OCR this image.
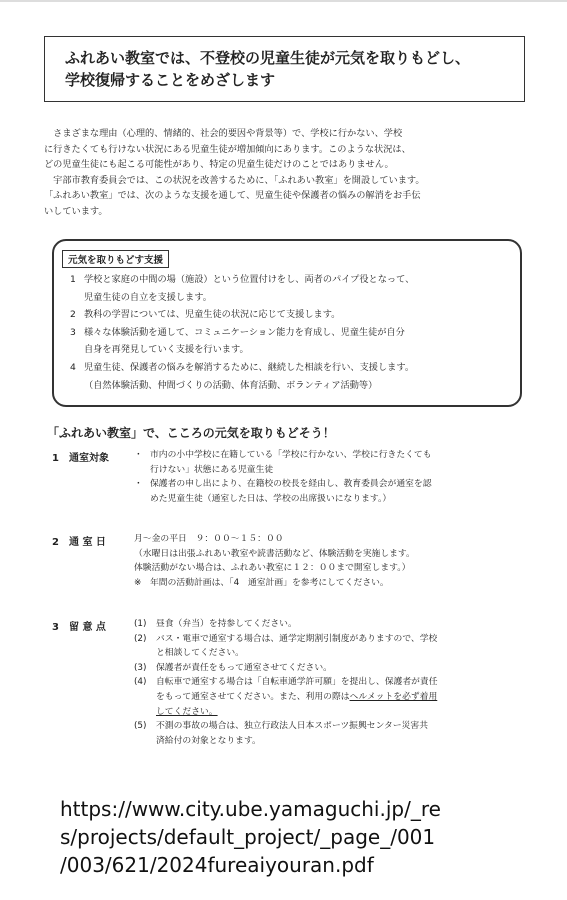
ふれあい教室では、不登校の児童生徒が元気を取りもどし、
学校復帰することをめざします

　さまざまな理由（心理的、情緒的、社会的要因や背景等）で、学校に行かない、学校

に行きたくても行けない状況にある児童生徒が増加傾向にあります。このような状況は、

どの児童生徒にも起こる可能性があり、特定の児童生徒だけのことではありません。

　宇部市教育委員会では、この状況を改善するために、「ふれあい教室」を開設しています。

「ふれあい教室」では、次のような支援を通して、児童生徒や保護者の悩みの解消をお手伝

いしています。

元気を取りもどす支援
1 学校と家庭の中間の場（施設）という位置付けをし、両者のパイプ役となって、
児童生徒の自立を支援します。
2 教科の学習については、児童生徒の状況に応じて支援します。
3 様々な体験活動を通して、コミュニケーション能力を育成し、児童生徒が自分
自身を再発見していく支援を行います。
4 児童生徒、保護者の悩みを解消するために、継続した相談を行い、支援します。
（自然体験活動、仲間づくりの活動、体育活動、ボランティア活動等）
「ふれあい教室」で、こころの元気を取りもどそう！
1　通室対象	・ 市内の小中学校に在籍している「学校に行かない、学校に行きたくても
行けない」状態にある児童生徒
・ 保護者の申し出により、在籍校の校長を経由し、教育委員会が通室を認
めた児童生徒（通室した日は、学校の出席扱いになります。）
2　通 室 日	月～金の平日　９：００～１５：００
（水曜日は出張ふれあい教室や読書活動など、体験活動を実施します。
体験活動がない場合は、ふれあい教室に１２：００まで開室します。）
※ 年間の活動計画は、「4　通室計画」を参考にしてください。
3　留 意 点	(1)	昼食（弁当）を持参してください。
(2)	バス・電車で通室する場合は、通学定期割引制度がありますので、学校
と相談してください。
(3)	保護者が責任をもって通室させてください。
(4)	自転車で通室する場合は「自転車通学許可願」を提出し、保護者が責任
をもって通室させてください。また、利用の際はヘルメットを必ず着用
してください。
(5)	不測の事故の場合は、独立行政法人日本スポーツ振興センター災害共
済給付の対象となります。
https://www.city.ube.yamaguchi.jp/_re
s/projects/default_project/_page_/001
/003/621/2024fureaiyouran.pdf
